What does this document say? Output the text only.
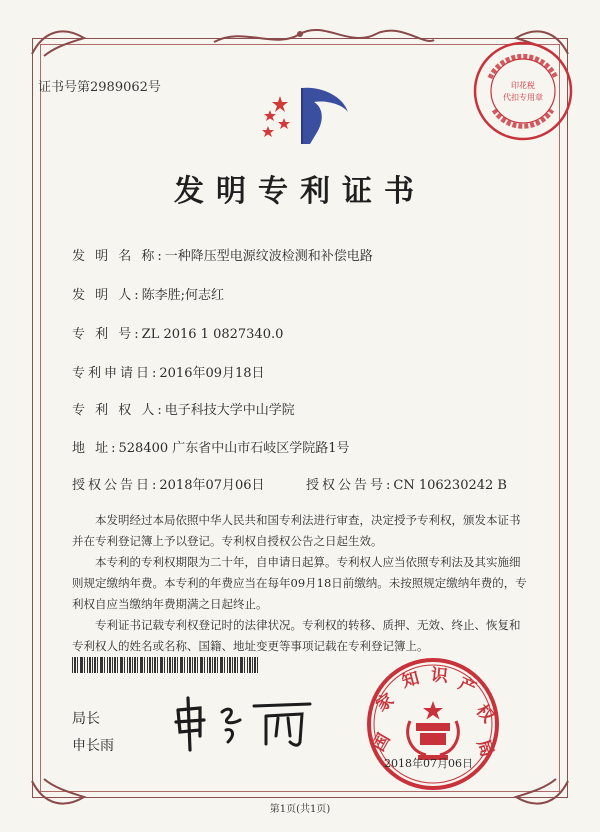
证书号第2989062号	印花税
代扣专用章
发明专利证书
发 明 名 称:一种降压型电源纹波检测和补偿电路
发 明 人:陈李胜;何志红
专 利 号:ZL 2016 1 0827340.0
专利申请日:2016年09月18日
专 利 权 人:电子科技大学中山学院
地 址:528400 广东省中山市石岐区学院路1号
授权公告日:2018年07月06日	授权公告号:CN 106230242 B

本发明经过本局依照中华人民共和国专利法进行审查，决定授予专利权，颁发本证书并在专利登记簿上予以登记。专利权自授权公告之日起生效。

本专利的专利权期限为二十年，自申请日起算。专利权人应当依照专利法及其实施细则规定缴纳年费。本专利的年费应当在每年09月18日前缴纳。未按照规定缴纳年费的，专利权自应当缴纳年费期满之日起终止。

专利证书记载专利权登记时的法律状况。专利权的转移、质押、无效、终止、恢复和专利权人的姓名或名称、国籍、地址变更等事项记载在专利登记簿上。

局长
申长雨	国
家
知 识 产
权
局
2018年07月06日
第1页(共1页)
